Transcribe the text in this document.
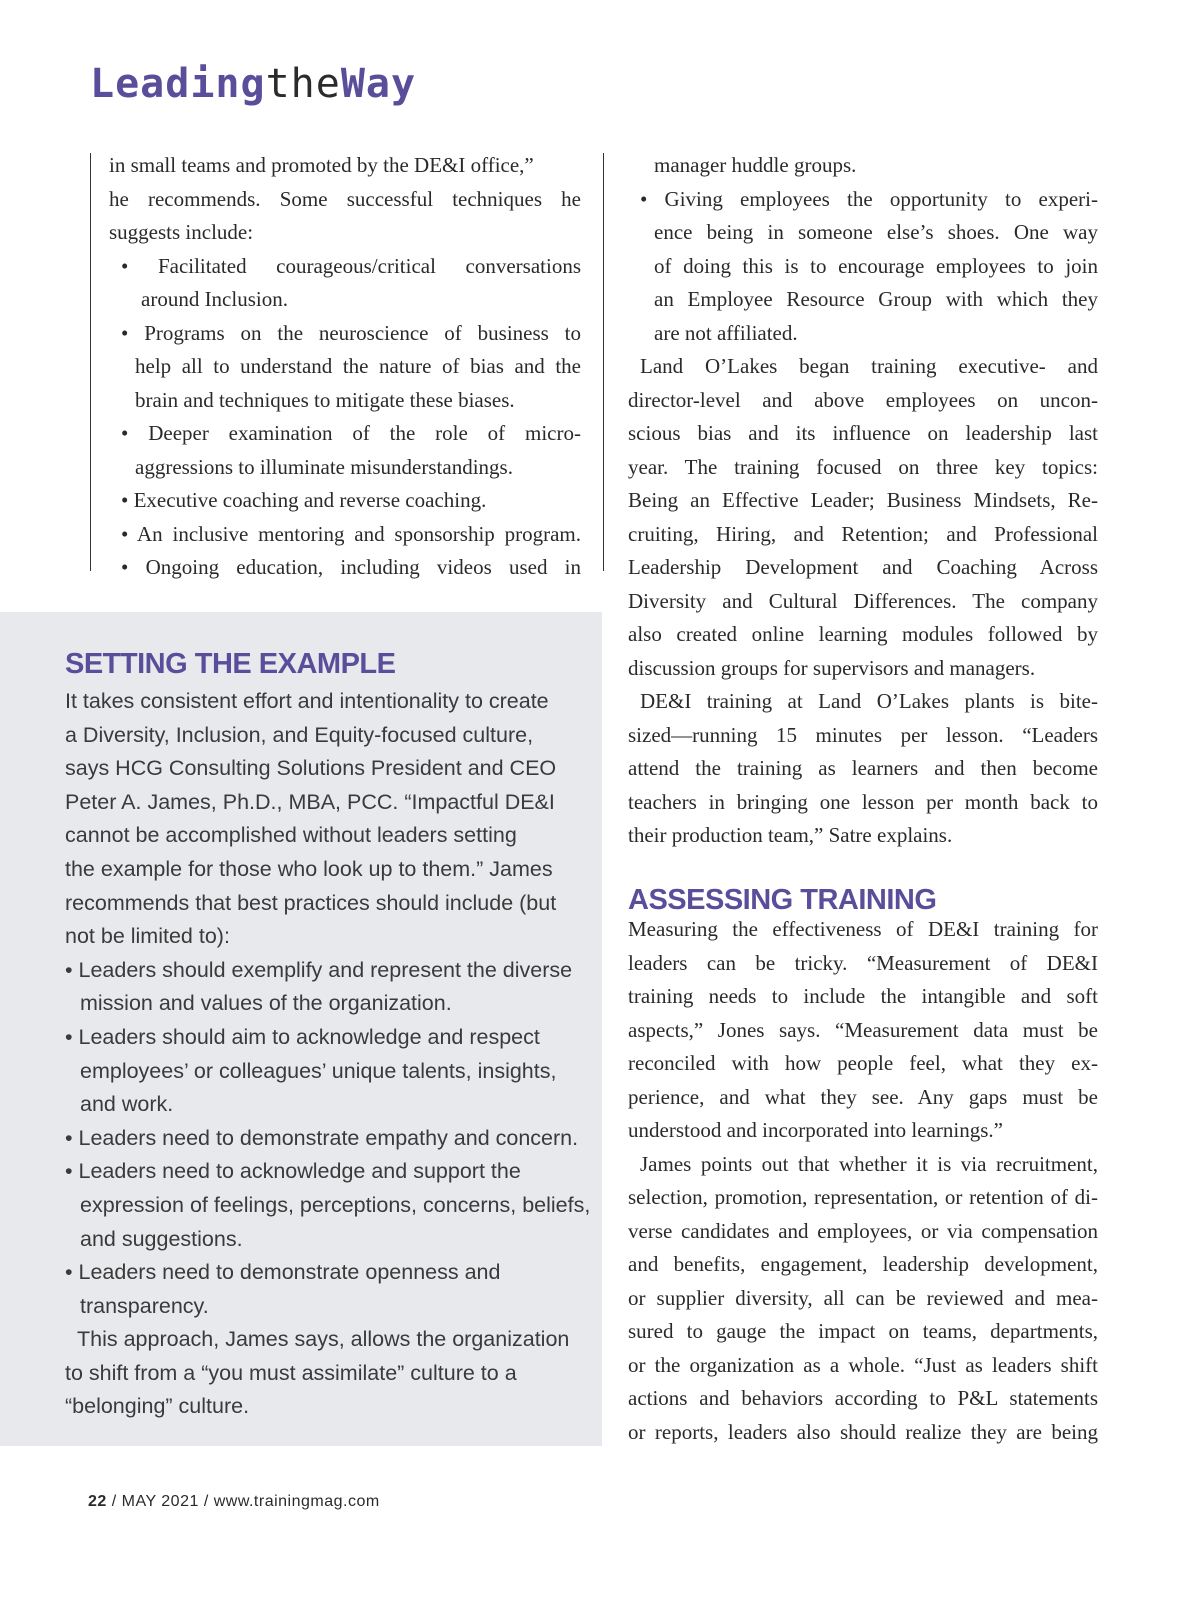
LeadingtheWay
in small teams and promoted by the DE&I office,”
he recommends. Some successful techniques he
suggests include:
• Facilitated courageous/critical conversations
around Inclusion.
• Programs on the neuroscience of business to
help all to understand the nature of bias and the
brain and techniques to mitigate these biases.
• Deeper examination of the role of micro-
aggressions to illuminate misunderstandings.
• Executive coaching and reverse coaching.
• An inclusive mentoring and sponsorship program.
• Ongoing education, including videos used in
SETTING THE EXAMPLE
It takes consistent effort and intentionality to create
a Diversity, Inclusion, and Equity-focused culture,
says HCG Consulting Solutions President and CEO
Peter A. James, Ph.D., MBA, PCC. “Impactful DE&I
cannot be accomplished without leaders setting
the example for those who look up to them.” James
recommends that best practices should include (but
not be limited to):
• Leaders should exemplify and represent the diverse
mission and values of the organization.
• Leaders should aim to acknowledge and respect
employees’ or colleagues’ unique talents, insights,
and work.
• Leaders need to demonstrate empathy and concern.
• Leaders need to acknowledge and support the
expression of feelings, perceptions, concerns, beliefs,
and suggestions.
• Leaders need to demonstrate openness and
transparency.
This approach, James says, allows the organization
to shift from a “you must assimilate” culture to a
“belonging” culture.
manager huddle groups.
• Giving employees the opportunity to experi-
ence being in someone else’s shoes. One way
of doing this is to encourage employees to join
an Employee Resource Group with which they
are not affiliated.
Land O’Lakes began training executive- and
director-level and above employees on uncon-
scious bias and its influence on leadership last
year. The training focused on three key topics:
Being an Effective Leader; Business Mindsets, Re-
cruiting, Hiring, and Retention; and Professional
Leadership Development and Coaching Across
Diversity and Cultural Differences. The company
also created online learning modules followed by
discussion groups for supervisors and managers.
DE&I training at Land O’Lakes plants is bite-
sized—running 15 minutes per lesson. “Leaders
attend the training as learners and then become
teachers in bringing one lesson per month back to
their production team,” Satre explains.
ASSESSING TRAINING
Measuring the effectiveness of DE&I training for
leaders can be tricky. “Measurement of DE&I
training needs to include the intangible and soft
aspects,” Jones says. “Measurement data must be
reconciled with how people feel, what they ex-
perience, and what they see. Any gaps must be
understood and incorporated into learnings.”
James points out that whether it is via recruitment,
selection, promotion, representation, or retention of di-
verse candidates and employees, or via compensation
and benefits, engagement, leadership development,
or supplier diversity, all can be reviewed and mea-
sured to gauge the impact on teams, departments,
or the organization as a whole. “Just as leaders shift
actions and behaviors according to P&L statements
or reports, leaders also should realize they are being
22 / MAY 2021 / www.trainingmag.com
